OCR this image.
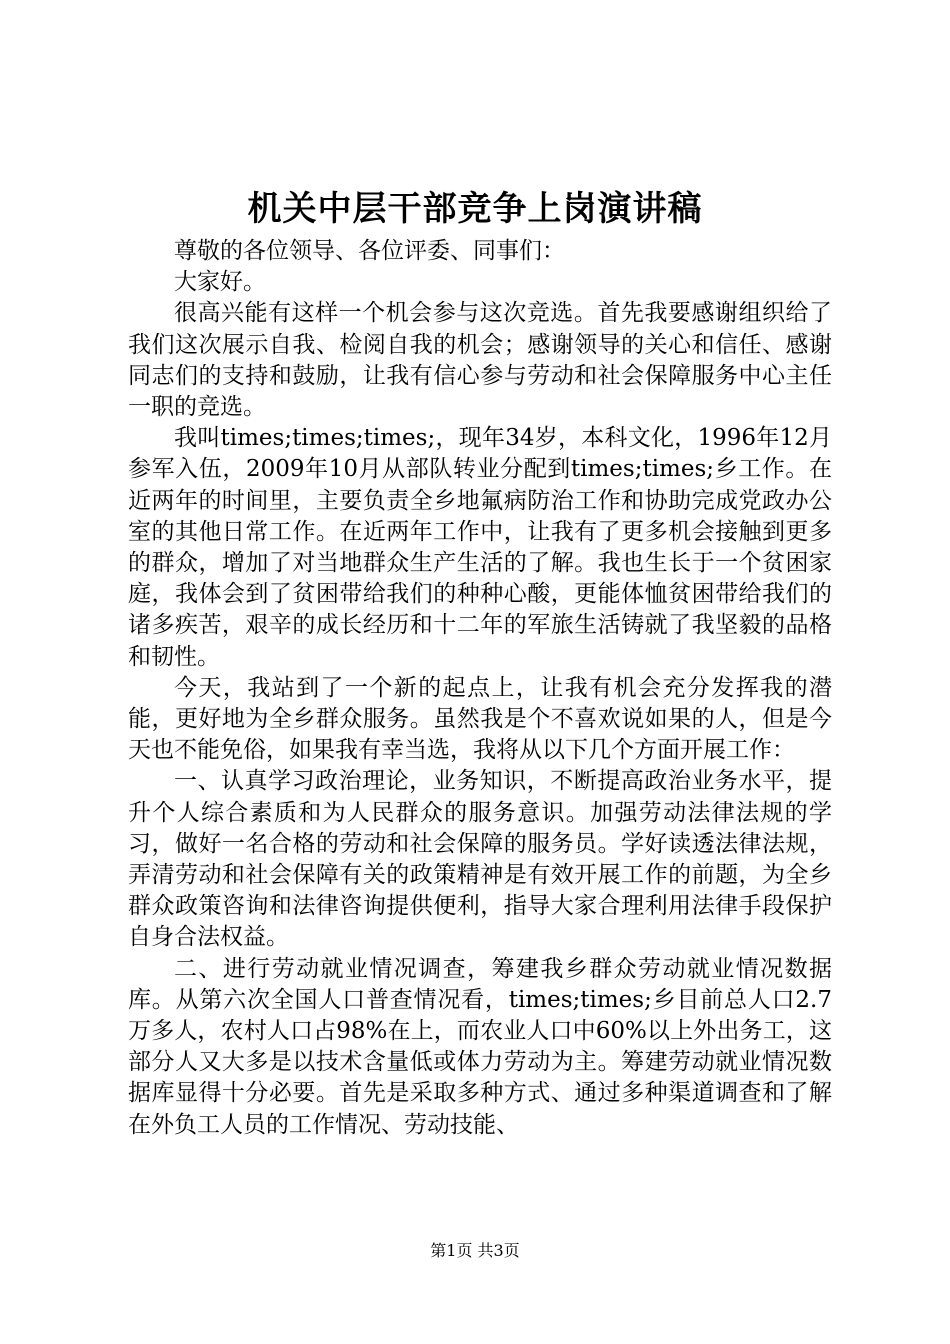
机关中层干部竞争上岗演讲稿

尊敬的各位领导、各位评委、同事们：

大家好。

很高兴能有这样一个机会参与这次竞选。首先我要感谢组织给了我们这次展示自我、检阅自我的机会；感谢领导的关心和信任、感谢同志们的支持和鼓励，让我有信心参与劳动和社会保障服务中心主任一职的竞选。

我叫times;times;times;，现年34岁，本科文化，1996年12月参军入伍，2009年10月从部队转业分配到times;times;乡工作。在近两年的时间里，主要负责全乡地氟病防治工作和协助完成党政办公室的其他日常工作。在近两年工作中，让我有了更多机会接触到更多的群众，增加了对当地群众生产生活的了解。我也生长于一个贫困家庭，我体会到了贫困带给我们的种种心酸，更能体恤贫困带给我们的诸多疾苦，艰辛的成长经历和十二年的军旅生活铸就了我坚毅的品格和韧性。

今天，我站到了一个新的起点上，让我有机会充分发挥我的潜能，更好地为全乡群众服务。虽然我是个不喜欢说如果的人，但是今天也不能免俗，如果我有幸当选，我将从以下几个方面开展工作：

一、认真学习政治理论，业务知识，不断提高政治业务水平，提升个人综合素质和为人民群众的服务意识。加强劳动法律法规的学习，做好一名合格的劳动和社会保障的服务员。学好读透法律法规，弄清劳动和社会保障有关的政策精神是有效开展工作的前题，为全乡群众政策咨询和法律咨询提供便利，指导大家合理利用法律手段保护自身合法权益。

二、进行劳动就业情况调查，筹建我乡群众劳动就业情况数据库。从第六次全国人口普查情况看，times;times;乡目前总人口2.7万多人，农村人口占98%在上，而农业人口中60%以上外出务工，这部分人又大多是以技术含量低或体力劳动为主。筹建劳动就业情况数据库显得十分必要。首先是采取多种方式、通过多种渠道调查和了解在外负工人员的工作情况、劳动技能、

第1页 共3页
